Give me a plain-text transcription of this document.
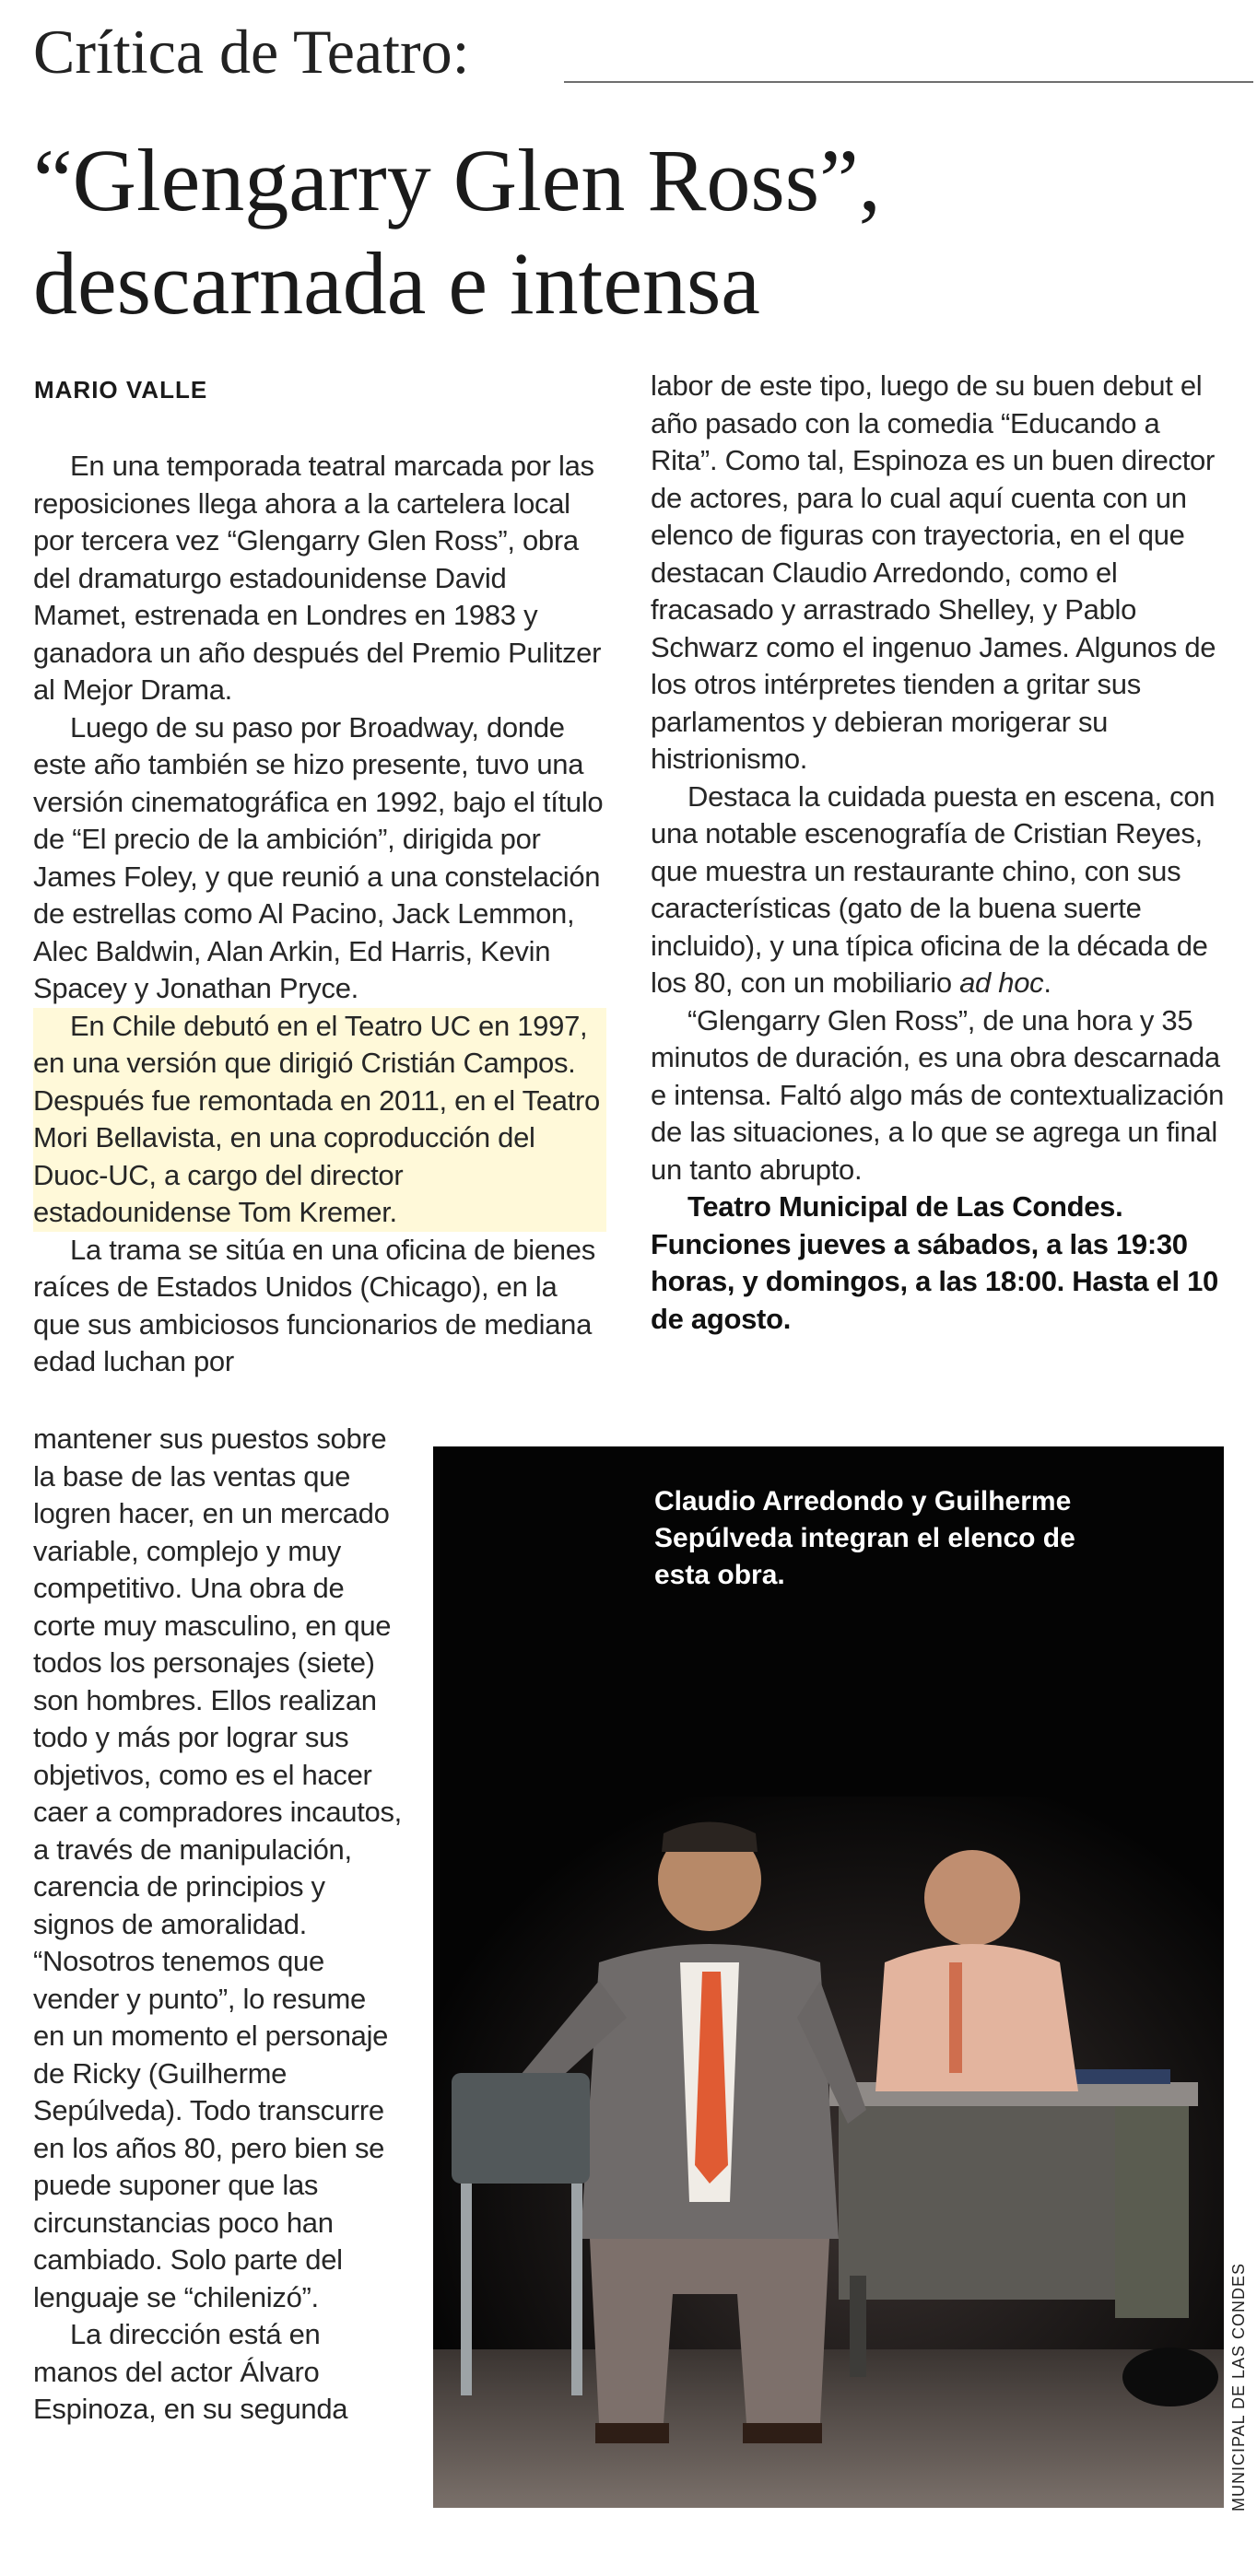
Crítica de Teatro:
“Glengarry Glen Ross”,
descarnada e intensa

MARIO VALLE

En una temporada teatral marcada por las reposiciones llega ahora a la cartelera local por tercera vez “Glengarry Glen Ross”, obra del dramaturgo estadounidense David Mamet, estrenada en Londres en 1983 y ganadora un año después del Premio Pulitzer al Mejor Drama.

Luego de su paso por Broadway, donde este año también se hizo presente, tuvo una versión cinematográfica en 1992, bajo el título de “El precio de la ambición”, dirigida por James Foley, y que reunió a una constelación de estrellas como Al Pacino, Jack Lemmon, Alec Baldwin, Alan Arkin, Ed Harris, Kevin Spacey y Jonathan Pryce.

En Chile debutó en el Teatro UC en 1997, en una versión que dirigió Cristián Campos. Después fue remontada en 2011, en el Teatro Mori Bellavista, en una coproducción del Duoc-UC, a cargo del director estadounidense Tom Kremer.

La trama se sitúa en una oficina de bienes raíces de Estados Unidos (Chicago), en la que sus ambiciosos funcionarios de mediana edad luchan por

mantener sus puestos sobre la base de las ventas que logren hacer, en un mercado variable, complejo y muy competitivo. Una obra de corte muy masculino, en que todos los personajes (siete) son hombres. Ellos realizan todo y más por lograr sus objetivos, como es el hacer caer a compradores incautos, a través de manipulación, carencia de principios y signos de amoralidad. “Nosotros tenemos que vender y punto”, lo resume en un momento el personaje de Ricky (Guilherme Sepúlveda). Todo transcurre en los años 80, pero bien se puede suponer que las circunstancias poco han cambiado. Solo parte del lenguaje se “chilenizó”.

La dirección está en manos del actor Álvaro Espinoza, en su segunda

labor de este tipo, luego de su buen debut el año pasado con la comedia “Educando a Rita”. Como tal, Espinoza es un buen director de actores, para lo cual aquí cuenta con un elenco de figuras con trayectoria, en el que destacan Claudio Arredondo, como el fracasado y arrastrado Shelley, y Pablo Schwarz como el ingenuo James. Algunos de los otros intérpretes tienden a gritar sus parlamentos y debieran morigerar su histrionismo.

Destaca la cuidada puesta en escena, con una notable escenografía de Cristian Reyes, que muestra un restaurante chino, con sus características (gato de la buena suerte incluido), y una típica oficina de la década de los 80, con un mobiliario ad hoc.

“Glengarry Glen Ross”, de una hora y 35 minutos de duración, es una obra descarnada e intensa. Faltó algo más de contextualización de las situaciones, a lo que se agrega un final un tanto abrupto.

Teatro Municipal de Las Condes. Funciones jueves a sábados, a las 19:30 horas, y domingos, a las 18:00. Hasta el 10 de agosto.

Claudio Arredondo y Guilherme Sepúlveda integran el elenco de esta obra.

MUNICIPAL DE LAS CONDES
